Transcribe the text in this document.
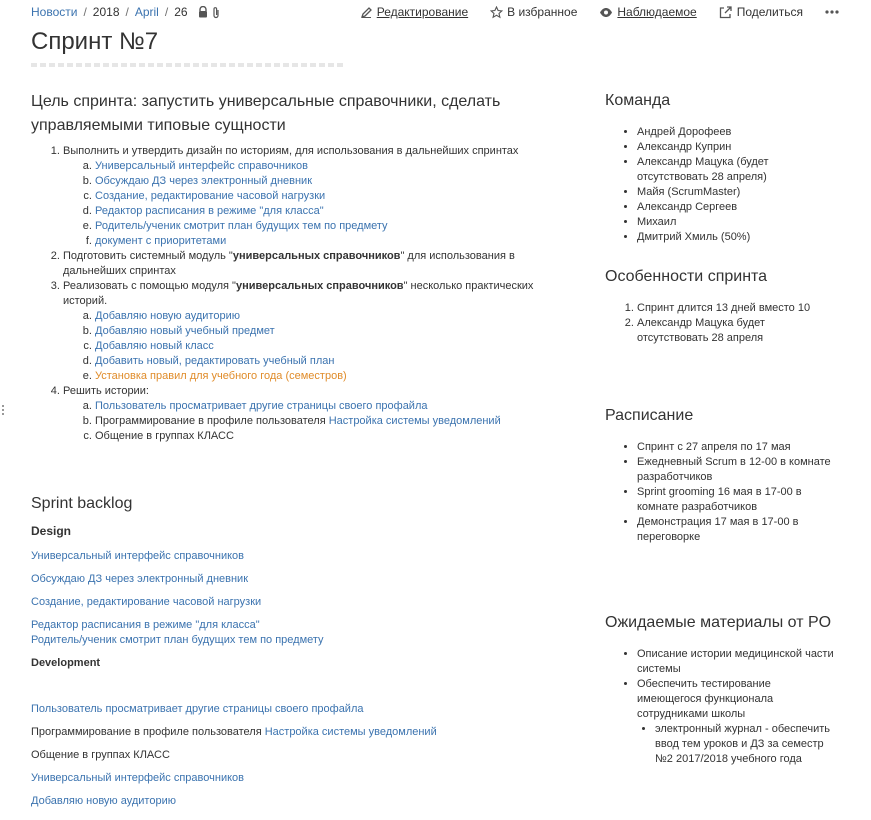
Новости / 2018 / April / 26	Редактирование	В избранное	Наблюдаемое	Поделиться
Спринт №7
Цель спринта: запустить универсальные справочники, сделать управляемыми типовые сущности
1. Выполнить и утвердить дизайн по историям, для использования в дальнейших спринтах
a. Универсальный интерфейс справочников
b. Обсуждаю ДЗ через электронный дневник
c. Создание, редактирование часовой нагрузки
d. Редактор расписания в режиме "для класса"
e. Родитель/ученик смотрит план будущих тем по предмету
f. документ с приоритетами
2. Подготовить системный модуль "универсальных справочников" для использования в дальнейших спринтах
3. Реализовать с помощью модуля "универсальных справочников" несколько практических историй.
a. Добавляю новую аудиторию
b. Добавляю новый учебный предмет
c. Добавляю новый класс
d. Добавить новый, редактировать учебный план
e. Установка правил для учебного года (семестров)
4. Решить истории:
a. Пользователь просматривает другие страницы своего профайла
b. Программирование в профиле пользователя Настройка системы уведомлений
c. Общение в группах КЛАСС
Sprint backlog
Design

Универсальный интерфейс справочников

Обсуждаю ДЗ через электронный дневник

Создание, редактирование часовой нагрузки

Редактор расписания в режиме "для класса"

Родитель/ученик смотрит план будущих тем по предмету

Development

Пользователь просматривает другие страницы своего профайла

Программирование в профиле пользователя Настройка системы уведомлений

Общение в группах КЛАСС

Универсальный интерфейс справочников

Добавляю новую аудиторию

Команда
• Андрей Дорофеев
• Александр Куприн
• Александр Мацука (будет отсутствовать 28 апреля)
• Майя (ScrumMaster)
• Александр Сергеев
• Михаил
• Дмитрий Хмиль (50%)
Особенности спринта
1. Спринт длится 13 дней вместо 10
2. Александр Мацука будет отсутствовать 28 апреля
Расписание
• Спринт с 27 апреля по 17 мая
• Ежедневный Scrum в 12-00 в комнате разработчиков
• Sprint grooming 16 мая в 17-00 в комнате разработчиков
• Демонстрация 17 мая в 17-00 в переговорке
Ожидаемые материалы от PO
• Описание истории медицинской части системы
• Обеспечить тестирование имеющегося функционала сотрудниками школы
• электронный журнал - обеспечить ввод тем уроков и ДЗ за семестр №2 2017/2018 учебного года
